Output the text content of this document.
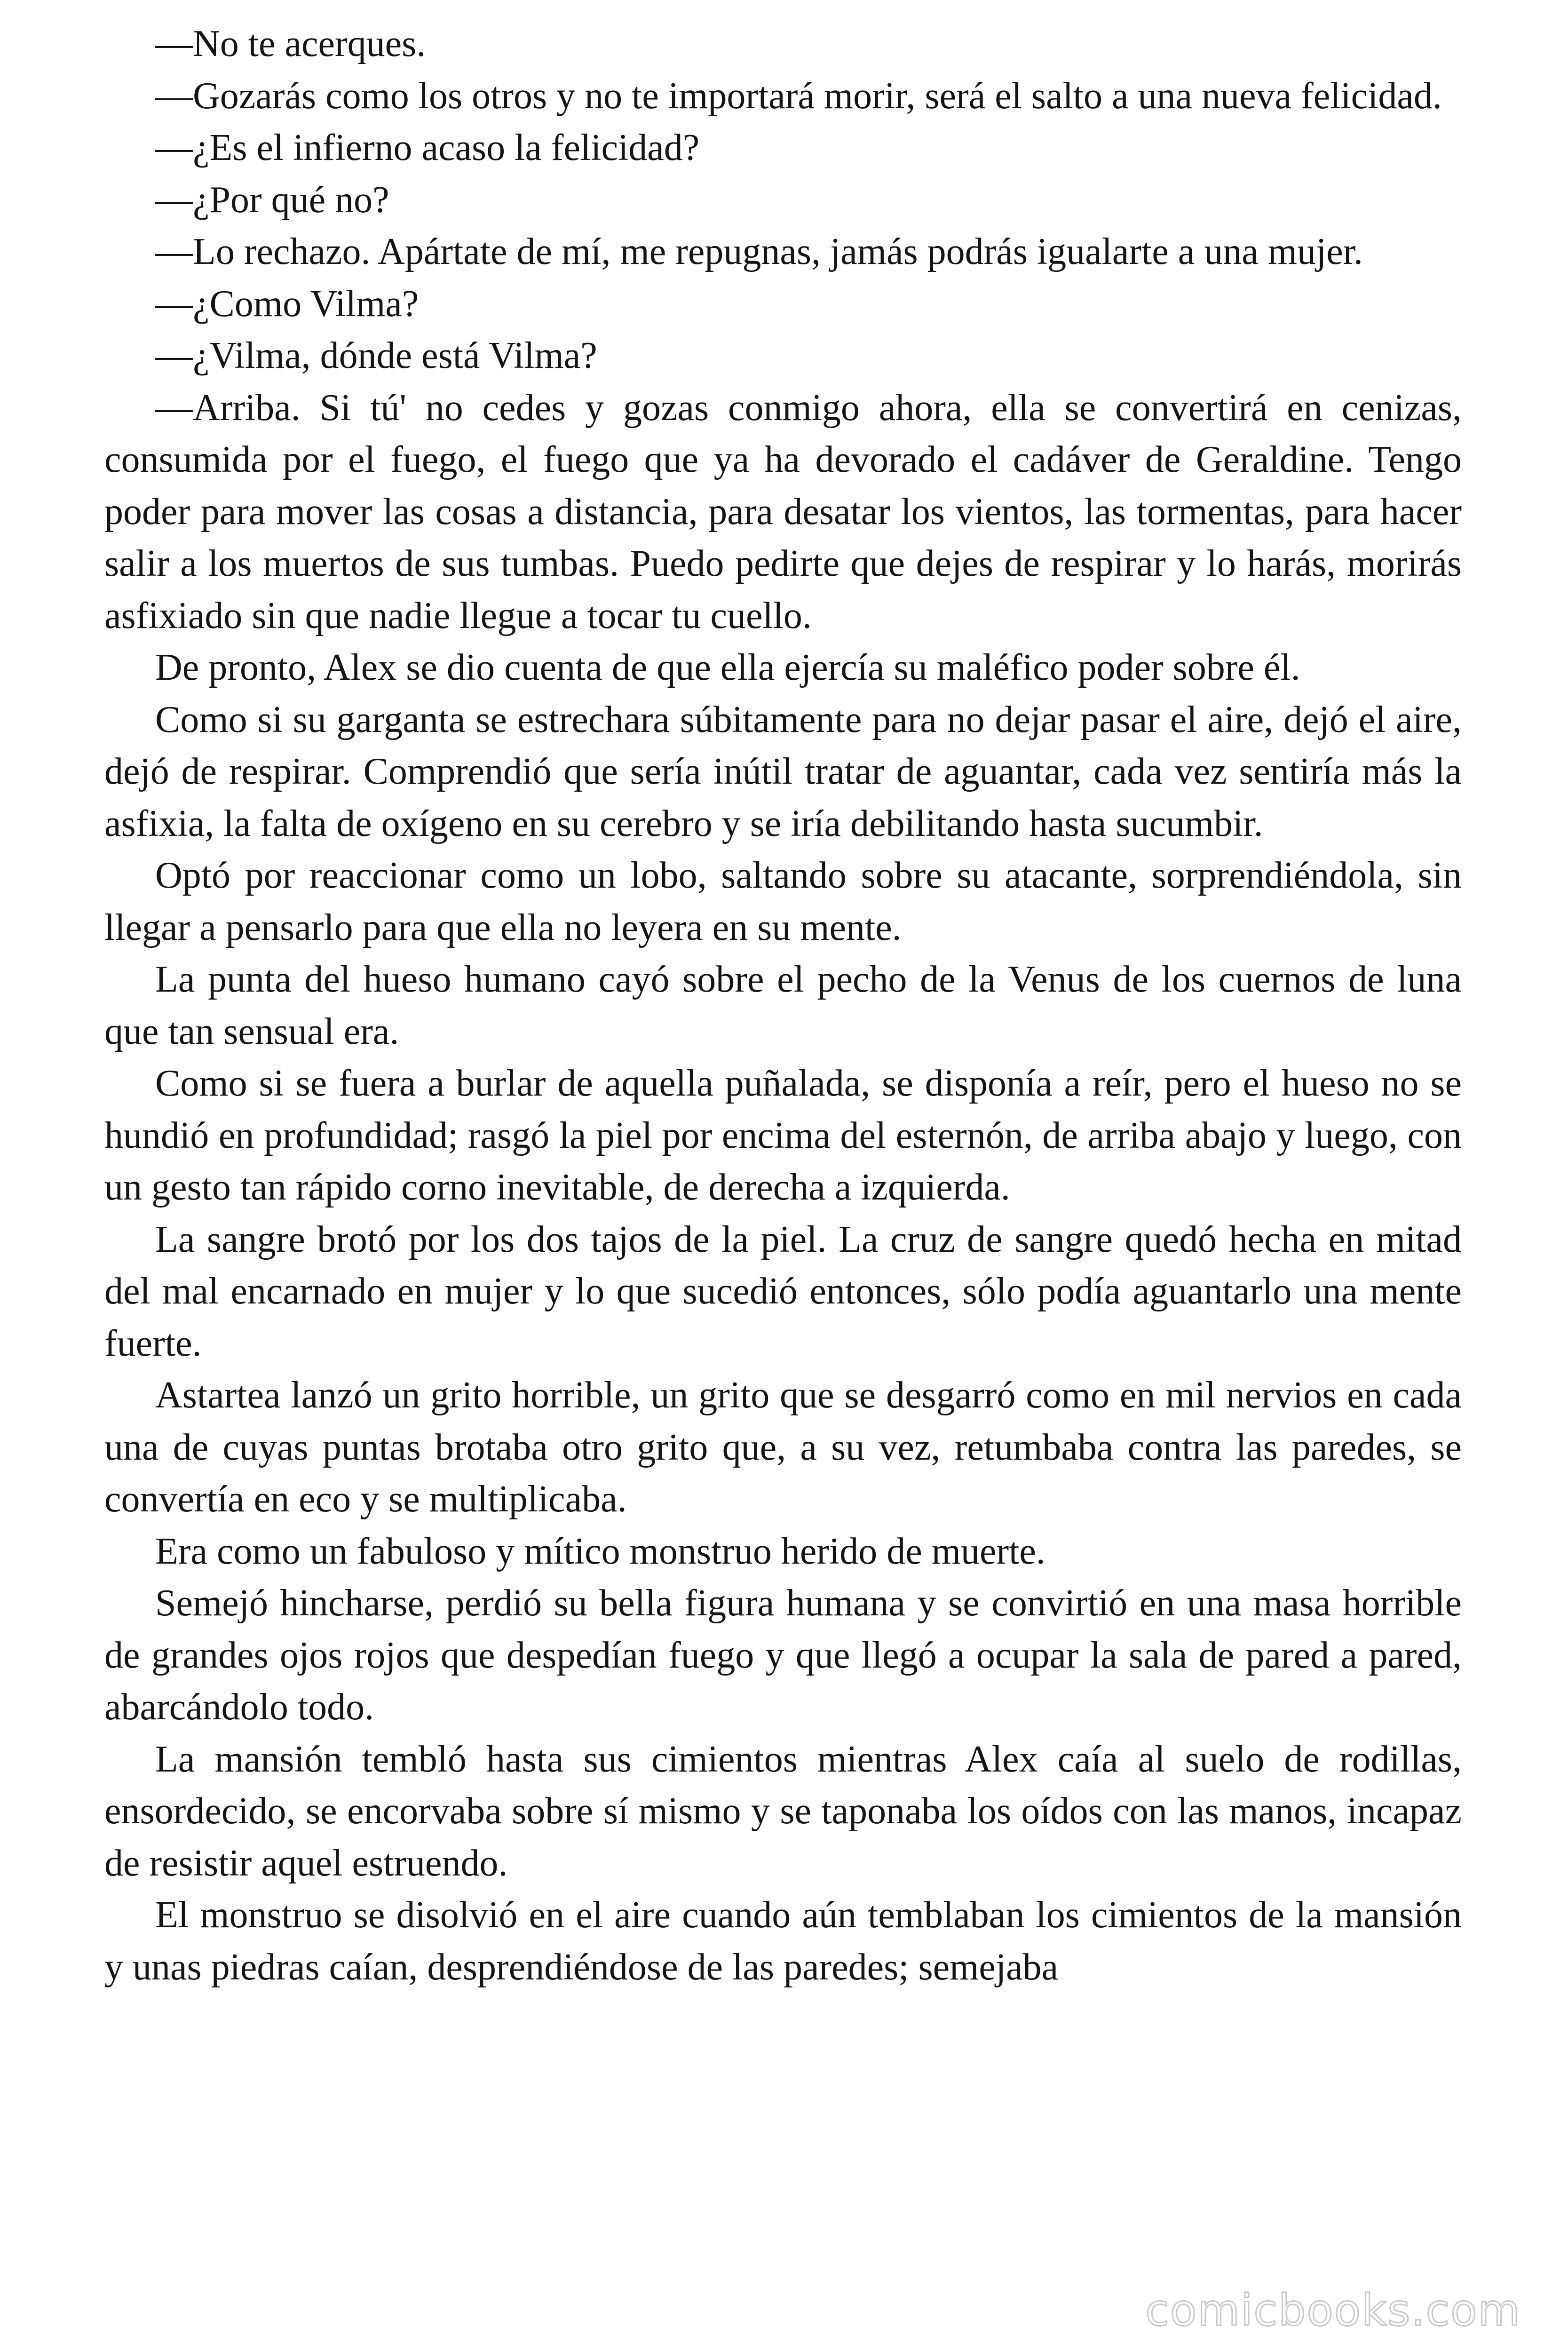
—No te acerques.

—Gozarás como los otros y no te importará morir, será el salto a una nueva felicidad.

—¿Es el infierno acaso la felicidad?

—¿Por qué no?

—Lo rechazo. Apártate de mí, me repugnas, jamás podrás igualarte a una mujer.

—¿Como Vilma?

—¿Vilma, dónde está Vilma?

—Arriba. Si tú' no cedes y gozas conmigo ahora, ella se convertirá en cenizas, consumida por el fuego, el fuego que ya ha devorado el cadáver de Geraldine. Tengo poder para mover las cosas a distancia, para desatar los vientos, las tormentas, para hacer salir a los muertos de sus tumbas. Puedo pedirte que dejes de respirar y lo harás, morirás asfixiado sin que nadie llegue a tocar tu cuello.

De pronto, Alex se dio cuenta de que ella ejercía su maléfico poder sobre él.

Como si su garganta se estrechara súbitamente para no dejar pasar el aire, dejó el aire, dejó de respirar. Comprendió que sería inútil tratar de aguantar, cada vez sentiría más la asfixia, la falta de oxígeno en su cerebro y se iría debilitando hasta sucumbir.

Optó por reaccionar como un lobo, saltando sobre su atacante, sorprendiéndola, sin llegar a pensarlo para que ella no leyera en su mente.

La punta del hueso humano cayó sobre el pecho de la Venus de los cuernos de luna que tan sensual era.

Como si se fuera a burlar de aquella puñalada, se disponía a reír, pero el hueso no se hundió en profundidad; rasgó la piel por encima del esternón, de arriba abajo y luego, con un gesto tan rápido corno inevitable, de derecha a izquierda.

La sangre brotó por los dos tajos de la piel. La cruz de sangre quedó hecha en mitad del mal encarnado en mujer y lo que sucedió entonces, sólo podía aguantarlo una mente fuerte.

Astartea lanzó un grito horrible, un grito que se desgarró como en mil nervios en cada una de cuyas puntas brotaba otro grito que, a su vez, retumbaba contra las paredes, se convertía en eco y se multiplicaba.

Era como un fabuloso y mítico monstruo herido de muerte.

Semejó hincharse, perdió su bella figura humana y se convirtió en una masa horrible de grandes ojos rojos que despedían fuego y que llegó a ocupar la sala de pared a pared, abarcándolo todo.

La mansión tembló hasta sus cimientos mientras Alex caía al suelo de rodillas, ensordecido, se encorvaba sobre sí mismo y se taponaba los oídos con las manos, incapaz de resistir aquel estruendo.

El monstruo se disolvió en el aire cuando aún temblaban los cimientos de la mansión y unas piedras caían, desprendiéndose de las paredes; semejaba

comicbooks.com
